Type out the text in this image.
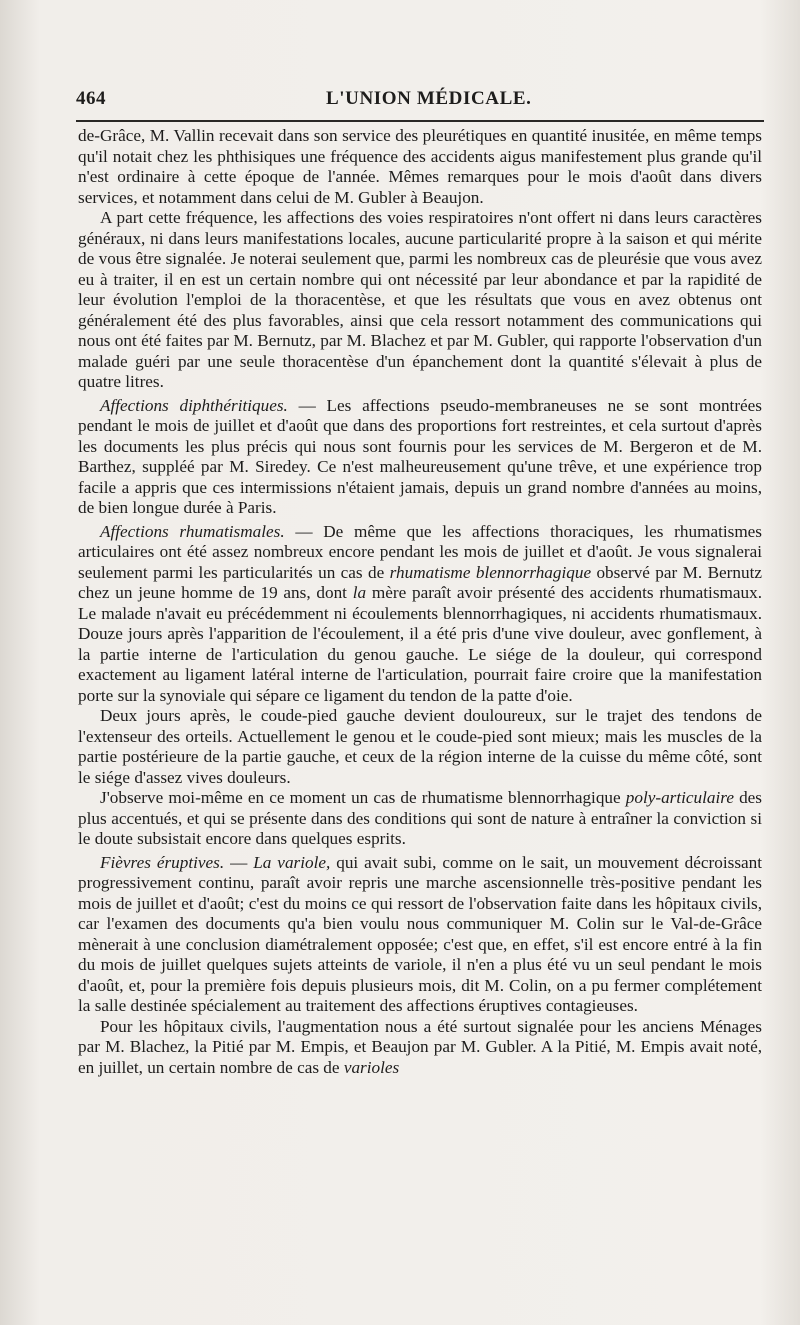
464	L'UNION MÉDICALE.

de-Grâce, M. Vallin recevait dans son service des pleurétiques en quantité inusitée, en même temps qu'il notait chez les phthisiques une fréquence des accidents aigus manifestement plus grande qu'il n'est ordinaire à cette époque de l'année. Mêmes remarques pour le mois d'août dans divers services, et notamment dans celui de M. Gubler à Beaujon.

A part cette fréquence, les affections des voies respiratoires n'ont offert ni dans leurs caractères généraux, ni dans leurs manifestations locales, aucune particularité propre à la saison et qui mérite de vous être signalée. Je noterai seulement que, parmi les nombreux cas de pleurésie que vous avez eu à traiter, il en est un certain nombre qui ont nécessité par leur abondance et par la rapidité de leur évolution l'emploi de la thoracentèse, et que les résultats que vous en avez obtenus ont généralement été des plus favorables, ainsi que cela ressort notamment des communications qui nous ont été faites par M. Bernutz, par M. Blachez et par M. Gubler, qui rapporte l'observation d'un malade guéri par une seule thoracentèse d'un épanchement dont la quantité s'élevait à plus de quatre litres.

Affections diphthéritiques. — Les affections pseudo-membraneuses ne se sont montrées pendant le mois de juillet et d'août que dans des proportions fort restreintes, et cela surtout d'après les documents les plus précis qui nous sont fournis pour les services de M. Bergeron et de M. Barthez, suppléé par M. Siredey. Ce n'est malheureusement qu'une trêve, et une expérience trop facile a appris que ces intermissions n'étaient jamais, depuis un grand nombre d'années au moins, de bien longue durée à Paris.

Affections rhumatismales. — De même que les affections thoraciques, les rhumatismes articulaires ont été assez nombreux encore pendant les mois de juillet et d'août. Je vous signalerai seulement parmi les particularités un cas de rhumatisme blennorrhagique observé par M. Bernutz chez un jeune homme de 19 ans, dont la mère paraît avoir présenté des accidents rhumatismaux. Le malade n'avait eu précédemment ni écoulements blennorrhagiques, ni accidents rhumatismaux. Douze jours après l'apparition de l'écoulement, il a été pris d'une vive douleur, avec gonflement, à la partie interne de l'articulation du genou gauche. Le siége de la douleur, qui correspond exactement au ligament latéral interne de l'articulation, pourrait faire croire que la manifestation porte sur la synoviale qui sépare ce ligament du tendon de la patte d'oie.

Deux jours après, le coude-pied gauche devient douloureux, sur le trajet des tendons de l'extenseur des orteils. Actuellement le genou et le coude-pied sont mieux; mais les muscles de la partie postérieure de la partie gauche, et ceux de la région interne de la cuisse du même côté, sont le siége d'assez vives douleurs.

J'observe moi-même en ce moment un cas de rhumatisme blennorrhagique poly-articulaire des plus accentués, et qui se présente dans des conditions qui sont de nature à entraîner la conviction si le doute subsistait encore dans quelques esprits.

Fièvres éruptives. — La variole, qui avait subi, comme on le sait, un mouvement décroissant progressivement continu, paraît avoir repris une marche ascensionnelle très-positive pendant les mois de juillet et d'août; c'est du moins ce qui ressort de l'observation faite dans les hôpitaux civils, car l'examen des documents qu'a bien voulu nous communiquer M. Colin sur le Val-de-Grâce mènerait à une conclusion diamétralement opposée; c'est que, en effet, s'il est encore entré à la fin du mois de juillet quelques sujets atteints de variole, il n'en a plus été vu un seul pendant le mois d'août, et, pour la première fois depuis plusieurs mois, dit M. Colin, on a pu fermer complétement la salle destinée spécialement au traitement des affections éruptives contagieuses.

Pour les hôpitaux civils, l'augmentation nous a été surtout signalée pour les anciens Ménages par M. Blachez, la Pitié par M. Empis, et Beaujon par M. Gubler. A la Pitié, M. Empis avait noté, en juillet, un certain nombre de cas de varioles
